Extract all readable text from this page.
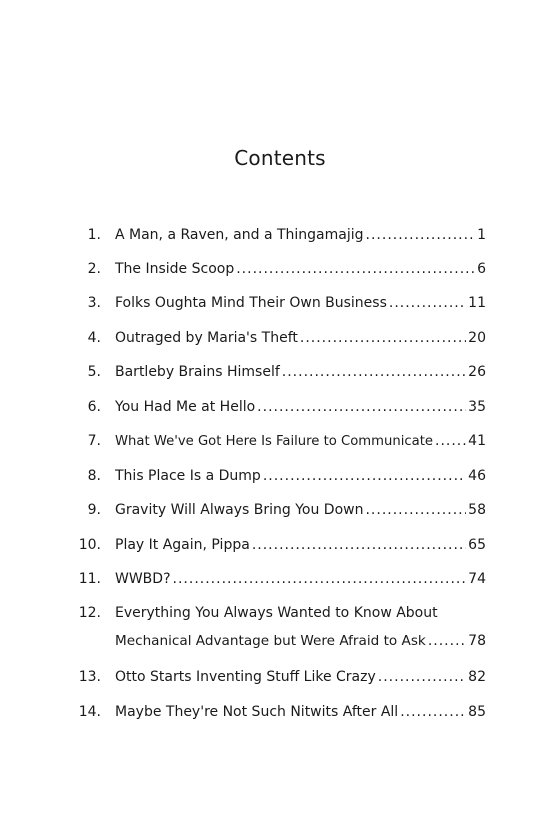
Contents
1. A Man, a Raven, and a Thingamajig .....	1
2. The Inside Scoop .....	6
3. Folks Oughta Mind Their Own Business .....	11
4. Outraged by Maria's Theft .....	20
5. Bartleby Brains Himself .....	26
6. You Had Me at Hello .....	35
7. What We've Got Here Is Failure to Communicate .....	41
8. This Place Is a Dump .....	46
9. Gravity Will Always Bring You Down .....	58
10. Play It Again, Pippa .....	65
11. WWBD? .....	74
12. Everything You Always Wanted to Know About
Mechanical Advantage but Were Afraid to Ask .....	78
13. Otto Starts Inventing Stuff Like Crazy .....	82
14. Maybe They're Not Such Nitwits After All .....	85
